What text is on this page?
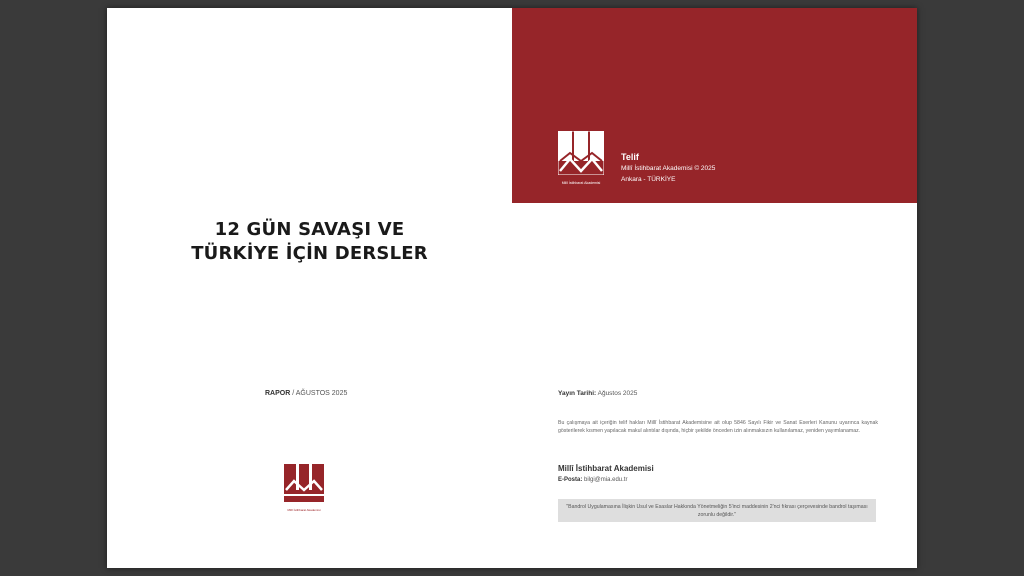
12 GÜN SAVAŞI VE
TÜRKİYE İÇİN DERSLER
RAPOR / AĞUSTOS 2025
Millî İstihbarat Akademisi
Millî İstihbarat Akademisi
Telif
Millî İstihbarat Akademisi © 2025
Ankara - TÜRKİYE
Yayın Tarihi: Ağustos 2025
Bu çalışmaya ait içeriğin telif hakları Millî İstihbarat Akademisine ait olup 5846 Sayılı Fikir ve Sanat Eserleri Kanunu uyarınca kaynak gösterilerek kısmen yapılacak makul alıntılar dışında, hiçbir şekilde önceden izin alınmaksızın kullanılamaz, yeniden yayımlanamaz.
Millî İstihbarat Akademisi
E-Posta: bilgi@mia.edu.tr
"Bandrol Uygulamasına İlişkin Usul ve Esaslar Hakkında Yönetmeliğin 5'inci maddesinin 2'nci fıkrası çerçevesinde bandrol taşıması zorunlu değildir."
